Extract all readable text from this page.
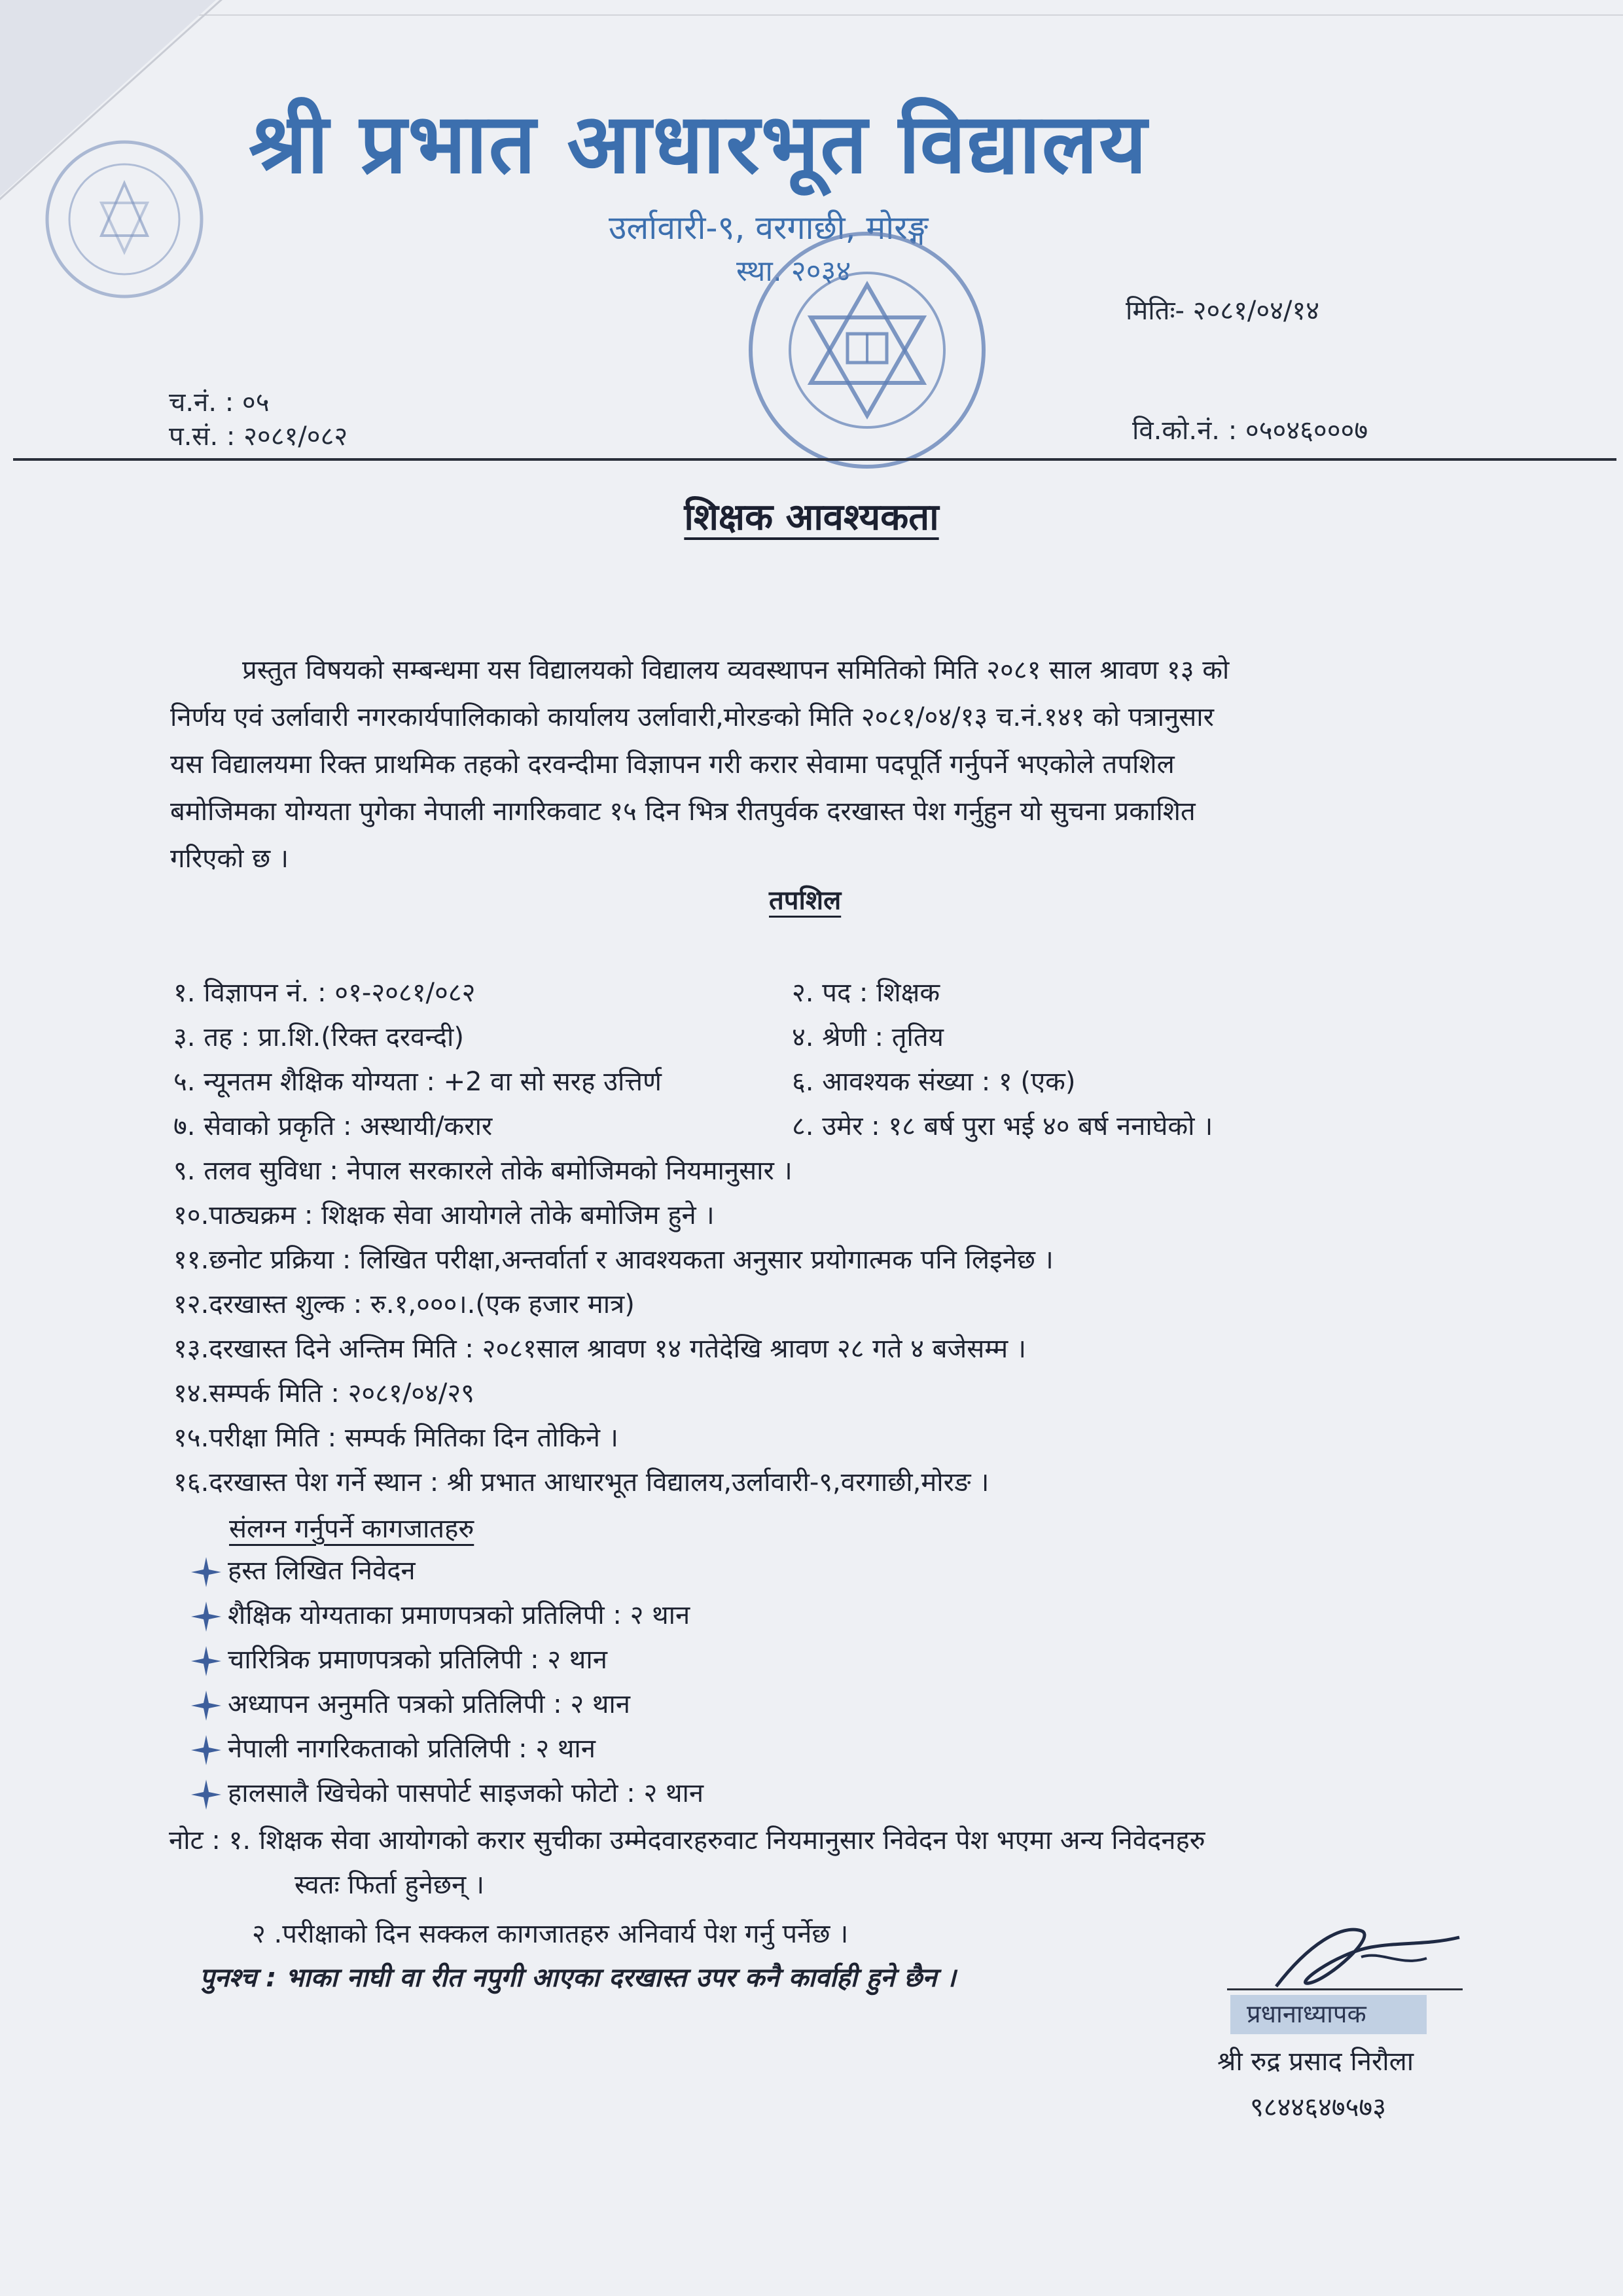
श्री प्रभात आधारभूत विद्यालय
उर्लावारी-९, वरगाछी, मोरङ्ग
स्था. २०३४
मितिः- २०८१/०४/१४
च.नं. : ०५
प.सं. : २०८१/०८२	वि.को.नं. : ०५०४६०००७
शिक्षक आवश्यकता
प्रस्तुत विषयको सम्बन्धमा यस विद्यालयको विद्यालय व्यवस्थापन समितिको मिति २०८१ साल श्रावण १३ को
निर्णय एवं उर्लावारी नगरकार्यपालिकाको कार्यालय उर्लावारी,मोरङको मिति २०८१/०४/१३ च.नं.१४१ को पत्रानुसार
यस विद्यालयमा रिक्त प्राथमिक तहको दरवन्दीमा विज्ञापन गरी करार सेवामा पदपूर्ति गर्नुपर्ने भएकोले तपशिल
बमोजिमका योग्यता पुगेका नेपाली नागरिकवाट १५ दिन भित्र रीतपुर्वक दरखास्त पेश गर्नुहुन यो सुचना प्रकाशित
गरिएको छ ।
तपशिल
१. विज्ञापन नं. : ०१-२०८१/०८२	२. पद : शिक्षक
३. तह : प्रा.शि.(रिक्त दरवन्दी)	४. श्रेणी : तृतिय
५. न्यूनतम शैक्षिक योग्यता : +2 वा सो सरह उत्तिर्ण	६. आवश्यक संख्या : १ (एक)
७. सेवाको प्रकृति : अस्थायी/करार	८. उमेर : १८ बर्ष पुरा भई ४० बर्ष ननाघेको ।
९. तलव सुविधा : नेपाल सरकारले तोके बमोजिमको नियमानुसार ।
१०.पाठ्यक्रम : शिक्षक सेवा आयोगले तोके बमोजिम हुने ।
११.छनोट प्रक्रिया : लिखित परीक्षा,अन्तर्वार्ता र आवश्यकता अनुसार प्रयोगात्मक पनि लिइनेछ ।
१२.दरखास्त शुल्क : रु.१,०००।.(एक हजार मात्र)
१३.दरखास्त दिने अन्तिम मिति : २०८१साल श्रावण १४ गतेदेखि श्रावण २८ गते ४ बजेसम्म ।
१४.सम्पर्क मिति : २०८१/०४/२९
१५.परीक्षा मिति : सम्पर्क मितिका दिन तोकिने ।
१६.दरखास्त पेश गर्ने स्थान : श्री प्रभात आधारभूत विद्यालय,उर्लावारी-९,वरगाछी,मोरङ ।
संलग्न गर्नुपर्ने कागजातहरु
हस्त लिखित निवेदन
शैक्षिक योग्यताका प्रमाणपत्रको प्रतिलिपी : २ थान
चारित्रिक प्रमाणपत्रको प्रतिलिपी : २ थान
अध्यापन अनुमति पत्रको प्रतिलिपी : २ थान
नेपाली नागरिकताको प्रतिलिपी : २ थान
हालसालै खिचेको पासपोर्ट साइजको फोटो : २ थान
नोट : १. शिक्षक सेवा आयोगको करार सुचीका उम्मेदवारहरुवाट नियमानुसार निवेदन पेश भएमा अन्य निवेदनहरु
स्वतः फिर्ता हुनेछन् ।
२ .परीक्षाको दिन सक्कल कागजातहरु अनिवार्य पेश गर्नु पर्नेछ ।
पुनश्च : भाका नाघी वा रीत नपुगी आएका दरखास्त उपर कनै कार्वाही हुने छैन ।
प्रधानाध्यापक
श्री रुद्र प्रसाद निरौला
९८४४६४७५७३
